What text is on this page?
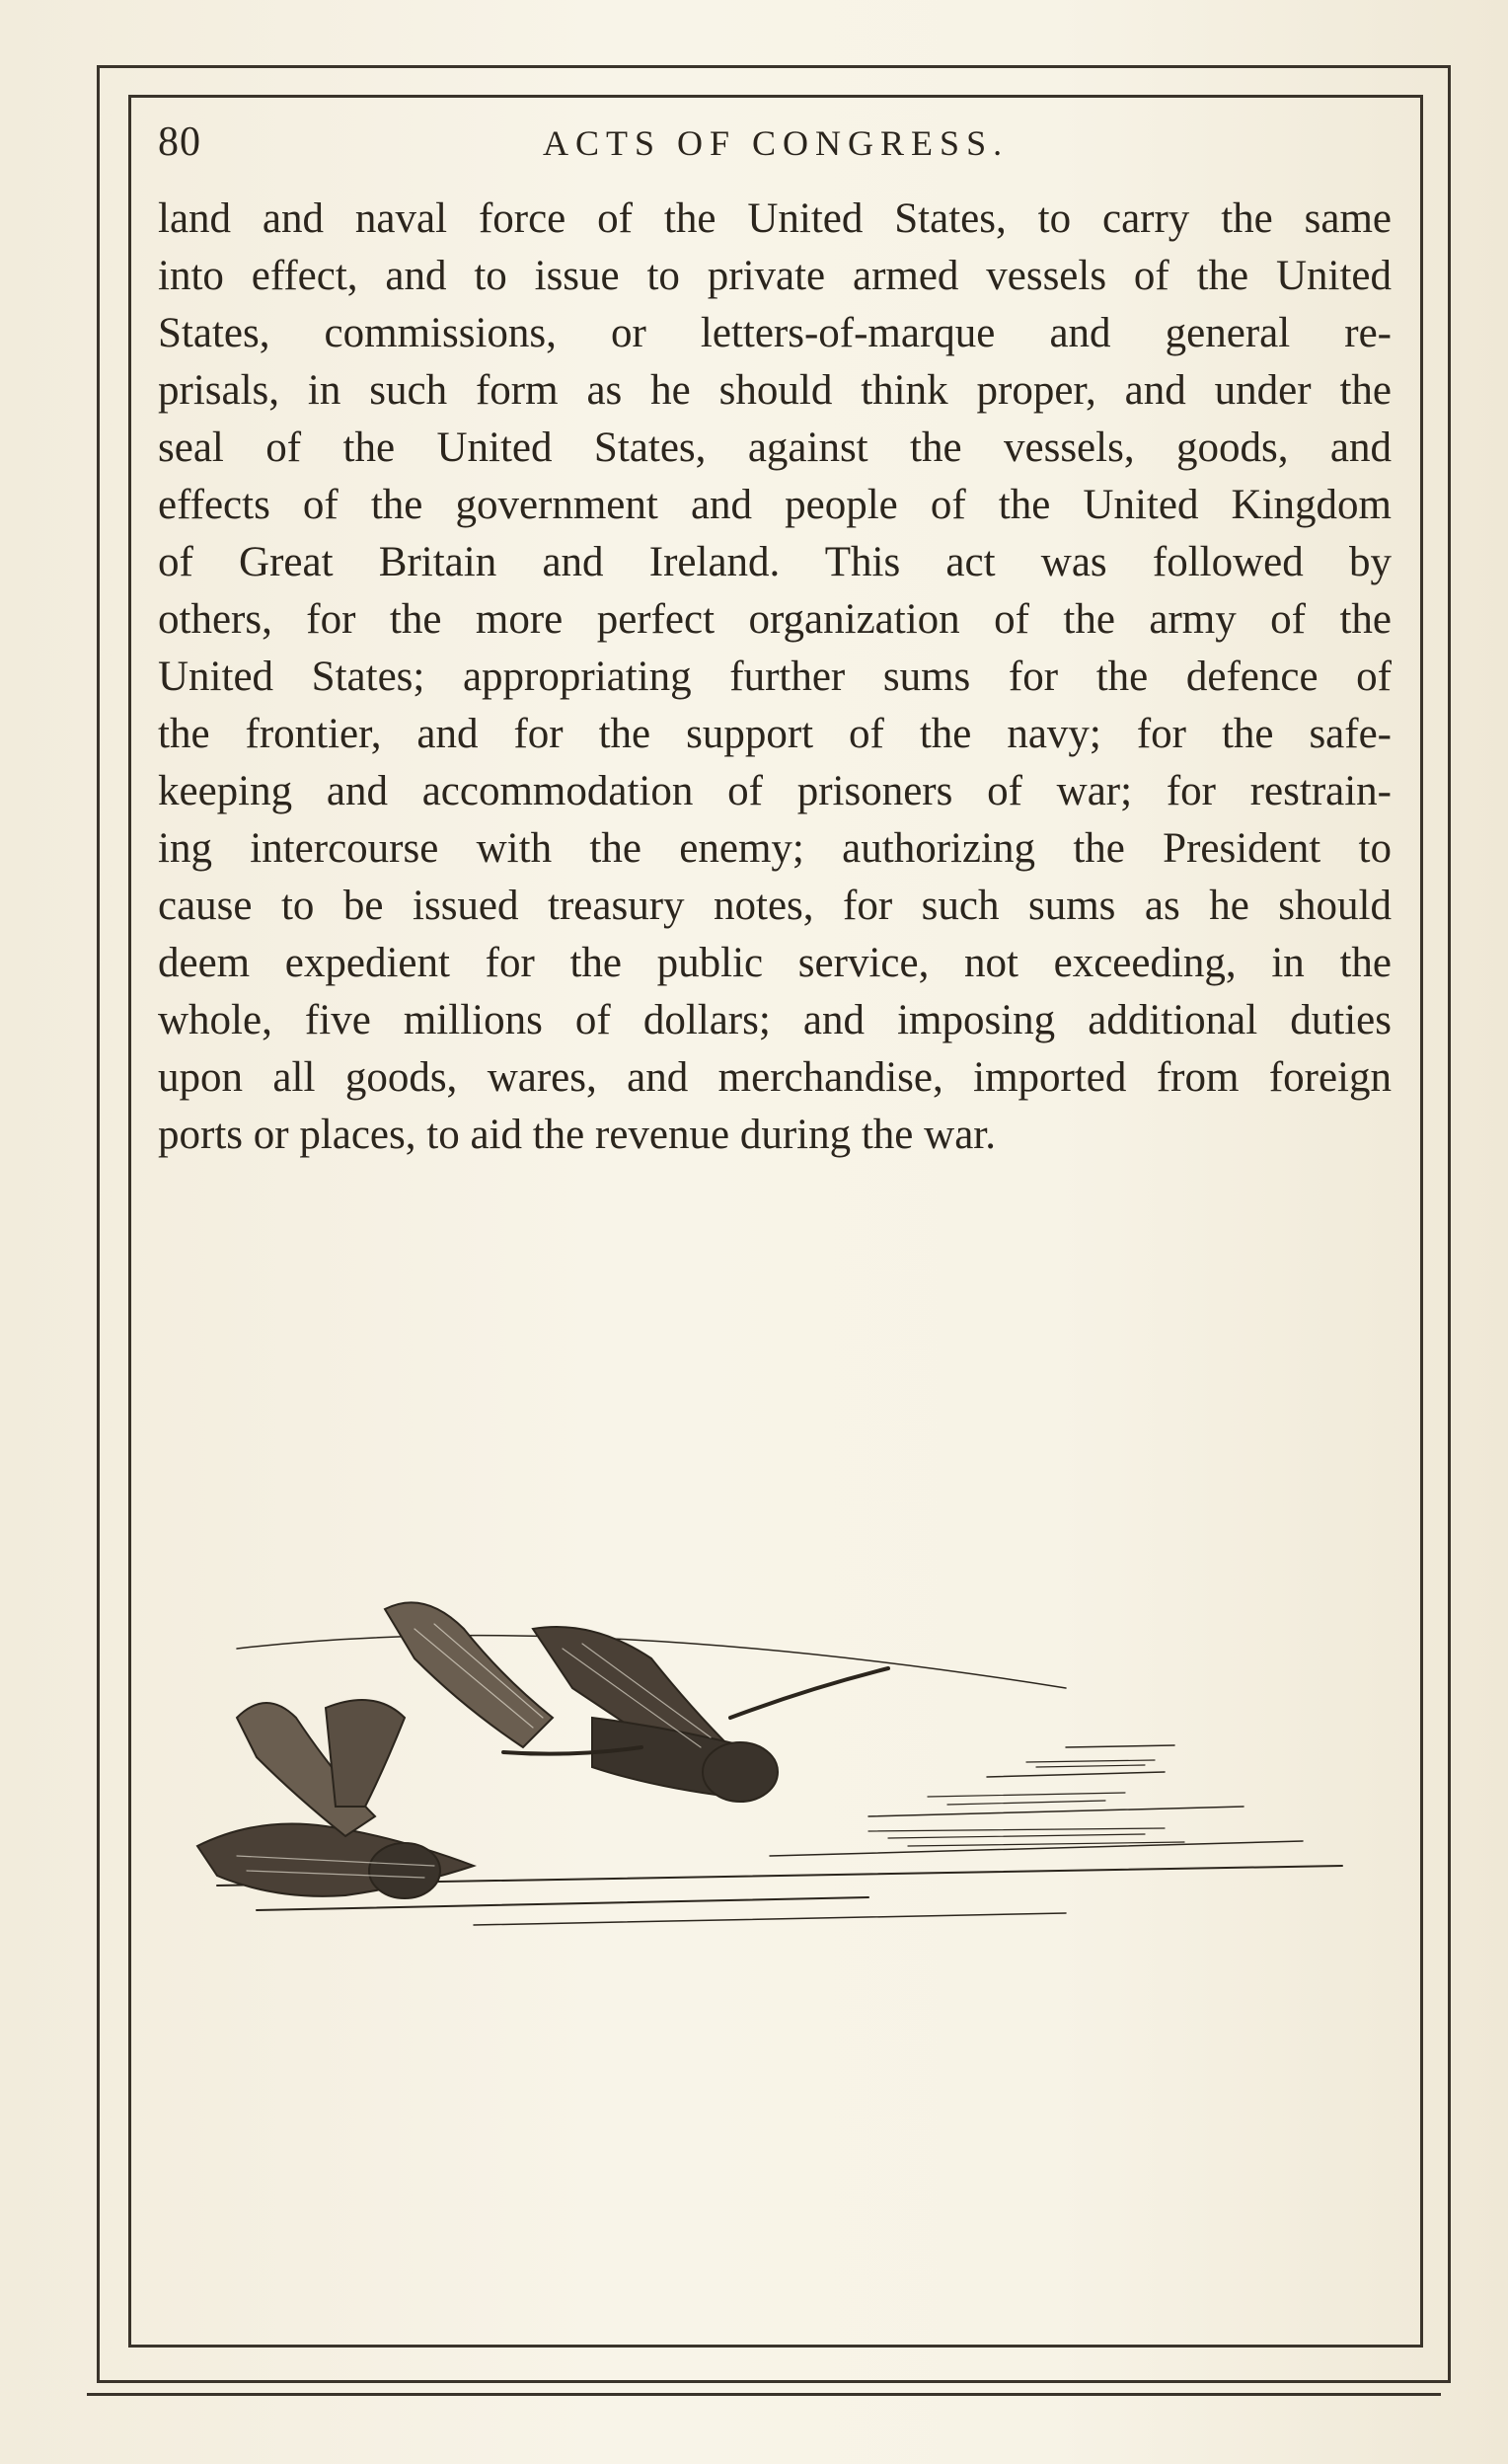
80	ACTS OF CONGRESS.
land and naval force of the United States, to carry the same
into effect, and to issue to private armed vessels of the United
States, commissions, or letters-of-marque and general re-
prisals, in such form as he should think proper, and under the
seal of the United States, against the vessels, goods, and
effects of the government and people of the United Kingdom
of Great Britain and Ireland. This act was followed by
others, for the more perfect organization of the army of the
United States; appropriating further sums for the defence of
the frontier, and for the support of the navy; for the safe-
keeping and accommodation of prisoners of war; for restrain-
ing intercourse with the enemy; authorizing the President to
cause to be issued treasury notes, for such sums as he should
deem expedient for the public service, not exceeding, in the
whole, five millions of dollars; and imposing additional duties
upon all goods, wares, and merchandise, imported from foreign
ports or places, to aid the revenue during the war.
